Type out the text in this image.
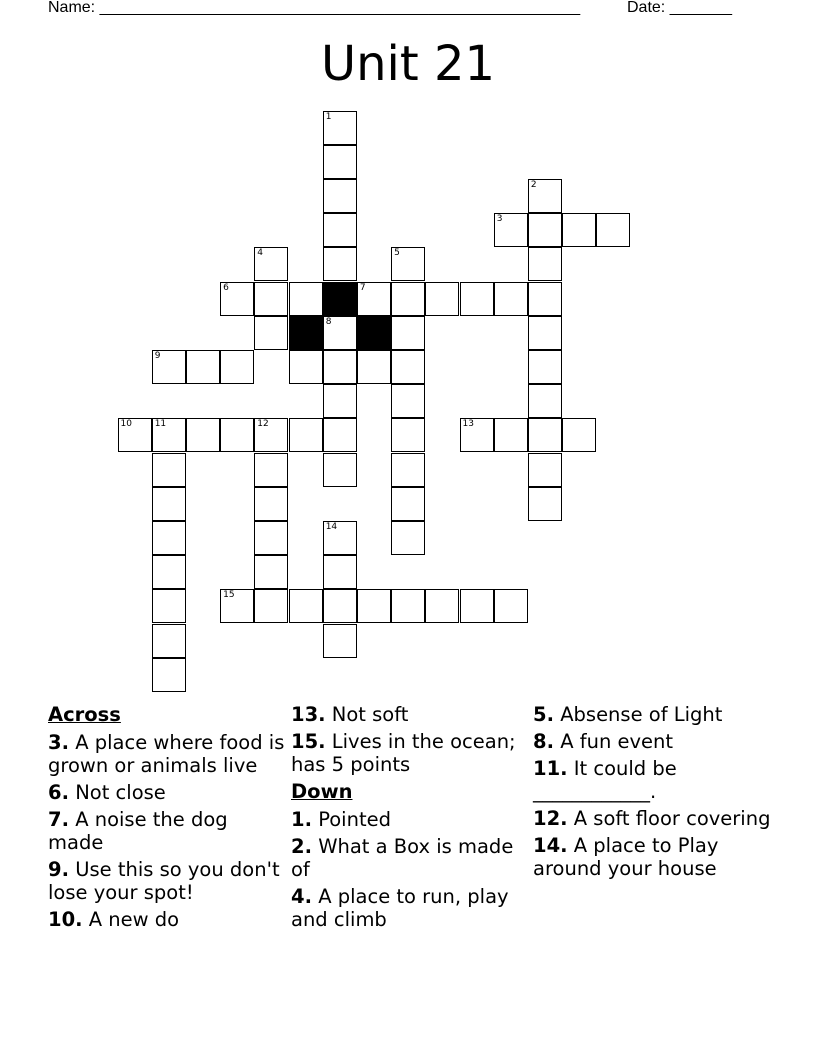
Name: ______________________________________________________	Date: _______
Unit 21
1
2
3
4	5
6	7
9
10	11	12	13
14
15
8
Across
3. A place where food is grown or animals live
6. Not close
7. A noise the dog made
9. Use this so you don't lose your spot!
10. A new do
13. Not soft
15. Lives in the ocean; has 5 points
Down
1. Pointed
2. What a Box is made of
4. A place to run, play and climb
5. Absense of Light
8. A fun event
11. It could be ____________.
12. A soft floor covering
14. A place to Play around your house
